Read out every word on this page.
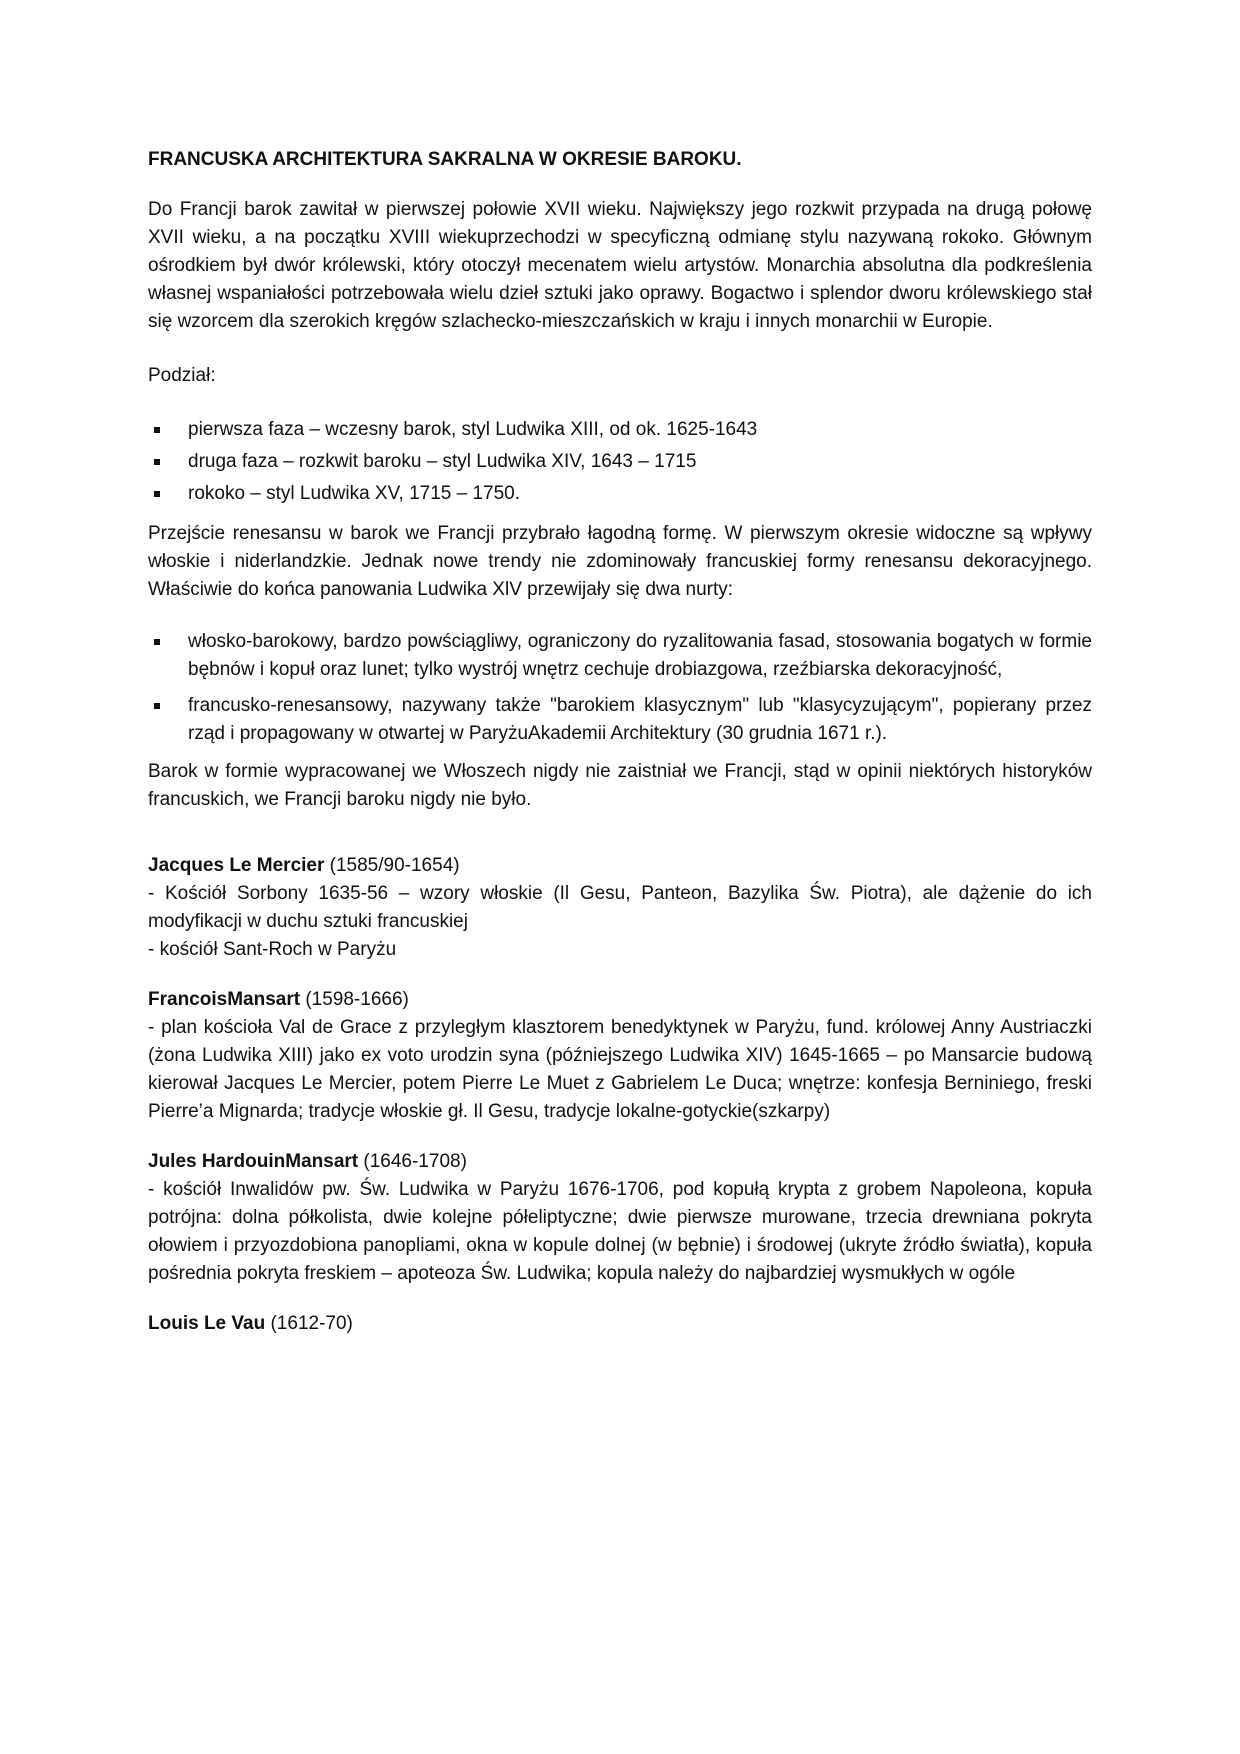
FRANCUSKA ARCHITEKTURA SAKRALNA W OKRESIE BAROKU.

Do Francji barok zawitał w pierwszej połowie XVII wieku. Największy jego rozkwit przypada na drugą połowę XVII wieku, a na początku XVIII wiekuprzechodzi w specyficzną odmianę stylu nazywaną rokoko. Głównym ośrodkiem był dwór królewski, który otoczył mecenatem wielu artystów. Monarchia absolutna dla podkreślenia własnej wspaniałości potrzebowała wielu dzieł sztuki jako oprawy. Bogactwo i splendor dworu królewskiego stał się wzorcem dla szerokich kręgów szlachecko-mieszczańskich w kraju i innych monarchii w Europie.

Podział:

pierwsza faza – wczesny barok, styl Ludwika XIII, od ok. 1625-1643
druga faza – rozkwit baroku – styl Ludwika XIV, 1643 – 1715
rokoko – styl Ludwika XV, 1715 – 1750.

Przejście renesansu w barok we Francji przybrało łagodną formę. W pierwszym okresie widoczne są wpływy włoskie i niderlandzkie. Jednak nowe trendy nie zdominowały francuskiej formy renesansu dekoracyjnego. Właściwie do końca panowania Ludwika XlV przewijały się dwa nurty:

włosko-barokowy, bardzo powściągliwy, ograniczony do ryzalitowania fasad, stosowania bogatych w formie bębnów i kopuł oraz lunet; tylko wystrój wnętrz cechuje drobiazgowa, rzeźbiarska dekoracyjność,
francusko-renesansowy, nazywany także "barokiem klasycznym" lub "klasycyzującym", popierany przez rząd i propagowany w otwartej w ParyżuAkademii Architektury (30 grudnia 1671 r.).

Barok w formie wypracowanej we Włoszech nigdy nie zaistniał we Francji, stąd w opinii niektórych historyków francuskich, we Francji baroku nigdy nie było.

Jacques Le Mercier (1585/90-1654)

- Kościół Sorbony 1635-56 – wzory włoskie (Il Gesu, Panteon, Bazylika Św. Piotra), ale dążenie do ich modyfikacji w duchu sztuki francuskiej

- kościół Sant-Roch w Paryżu

FrancoisMansart (1598-1666)

- plan kościoła Val de Grace z przyległym klasztorem benedyktynek w Paryżu, fund. królowej Anny Austriaczki (żona Ludwika XIII) jako ex voto urodzin syna (późniejszego Ludwika XIV) 1645-1665 – po Mansarcie budową kierował Jacques Le Mercier, potem Pierre Le Muet z Gabrielem Le Duca; wnętrze: konfesja Berniniego, freski Pierre’a Mignarda; tradycje włoskie gł. Il Gesu, tradycje lokalne-gotyckie(szkarpy)

Jules HardouinMansart (1646-1708)

- kościół Inwalidów pw. Św. Ludwika w Paryżu 1676-1706, pod kopułą krypta z grobem Napoleona, kopuła potrójna: dolna półkolista, dwie kolejne półeliptyczne; dwie pierwsze murowane, trzecia drewniana pokryta ołowiem i przyozdobiona panopliami, okna w kopule dolnej (w bębnie) i środowej (ukryte źródło światła), kopuła pośrednia pokryta freskiem – apoteoza Św. Ludwika; kopula należy do najbardziej wysmukłych w ogóle

Louis Le Vau (1612-70)
